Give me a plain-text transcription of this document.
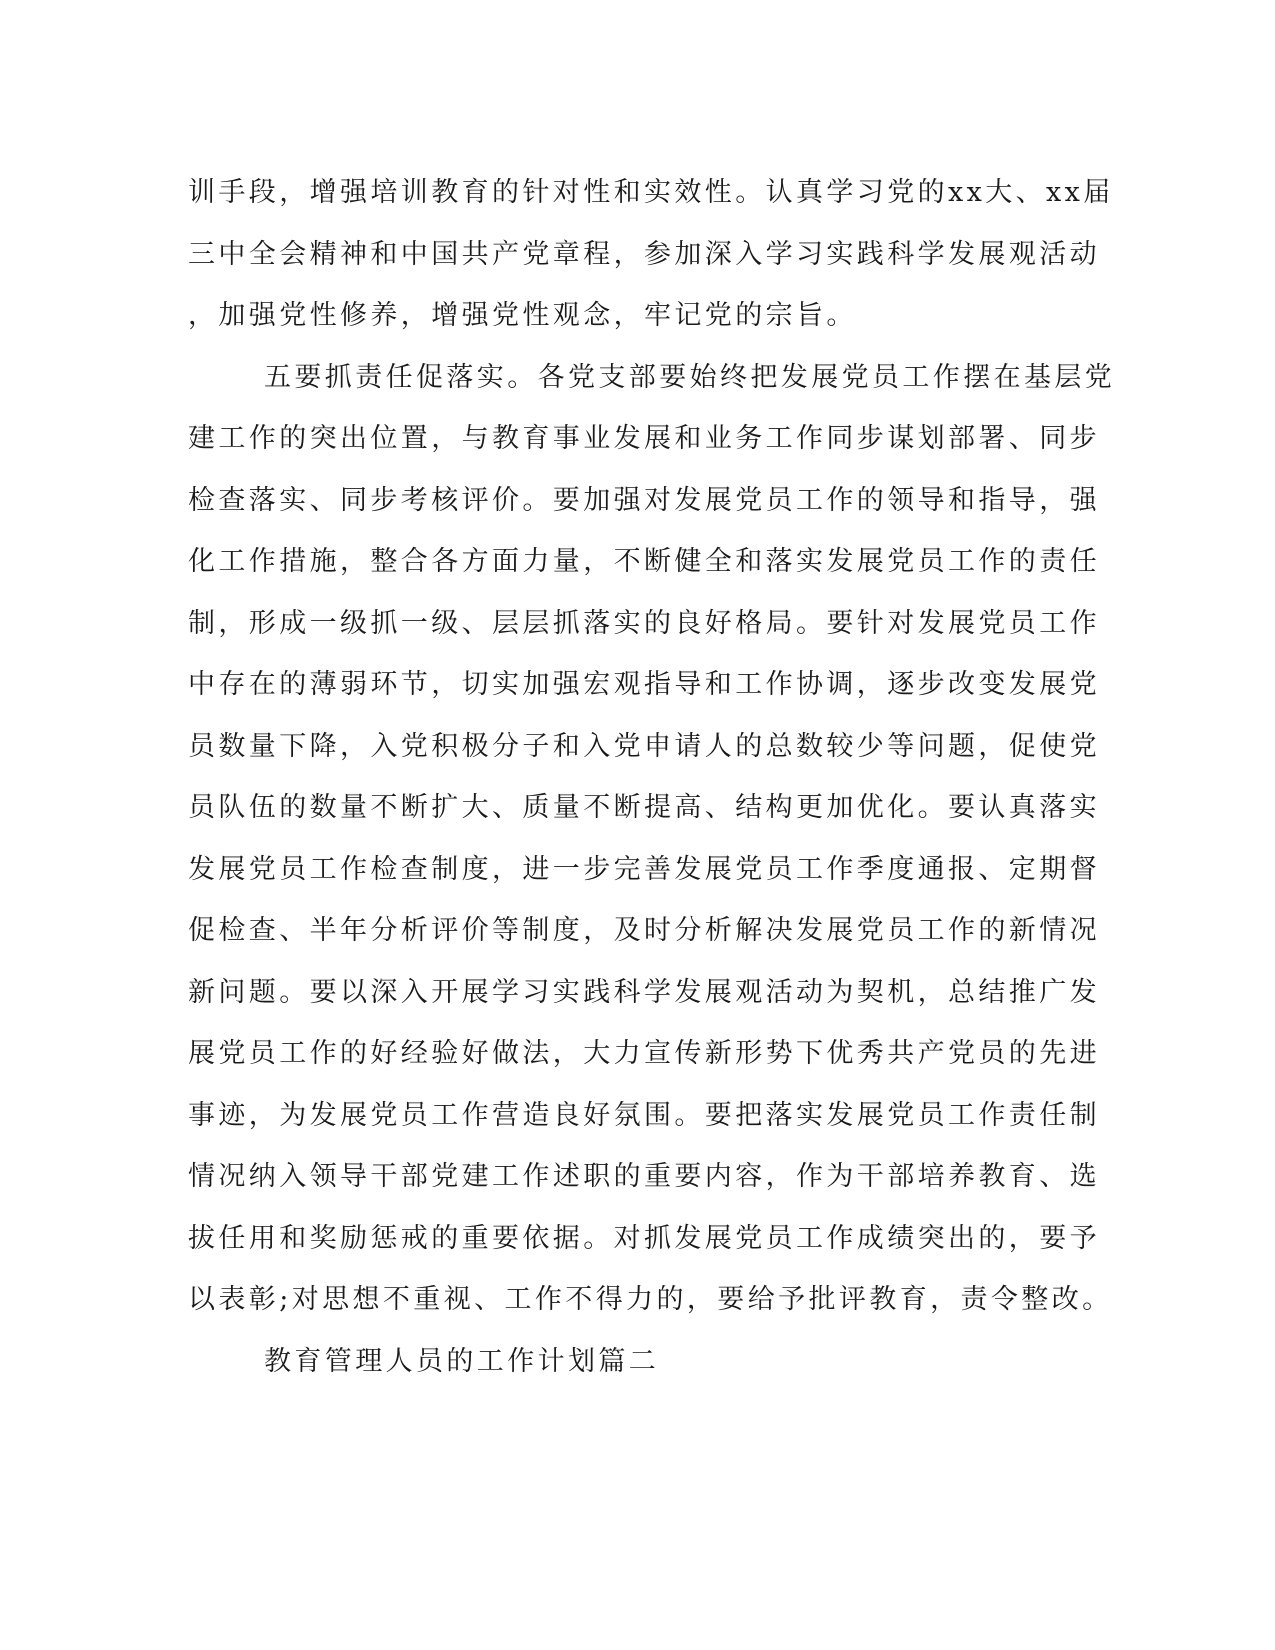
训手段，增强培训教育的针对性和实效性。认真学习党的xx大、xx届
三中全会精神和中国共产党章程，参加深入学习实践科学发展观活动
，加强党性修养，增强党性观念，牢记党的宗旨。
五要抓责任促落实。各党支部要始终把发展党员工作摆在基层党
建工作的突出位置，与教育事业发展和业务工作同步谋划部署、同步
检查落实、同步考核评价。要加强对发展党员工作的领导和指导，强
化工作措施，整合各方面力量，不断健全和落实发展党员工作的责任
制，形成一级抓一级、层层抓落实的良好格局。要针对发展党员工作
中存在的薄弱环节，切实加强宏观指导和工作协调，逐步改变发展党
员数量下降，入党积极分子和入党申请人的总数较少等问题，促使党
员队伍的数量不断扩大、质量不断提高、结构更加优化。要认真落实
发展党员工作检查制度，进一步完善发展党员工作季度通报、定期督
促检查、半年分析评价等制度，及时分析解决发展党员工作的新情况
新问题。要以深入开展学习实践科学发展观活动为契机，总结推广发
展党员工作的好经验好做法，大力宣传新形势下优秀共产党员的先进
事迹，为发展党员工作营造良好氛围。要把落实发展党员工作责任制
情况纳入领导干部党建工作述职的重要内容，作为干部培养教育、选
拔任用和奖励惩戒的重要依据。对抓发展党员工作成绩突出的，要予
以表彰;对思想不重视、工作不得力的，要给予批评教育，责令整改。
教育管理人员的工作计划篇二
